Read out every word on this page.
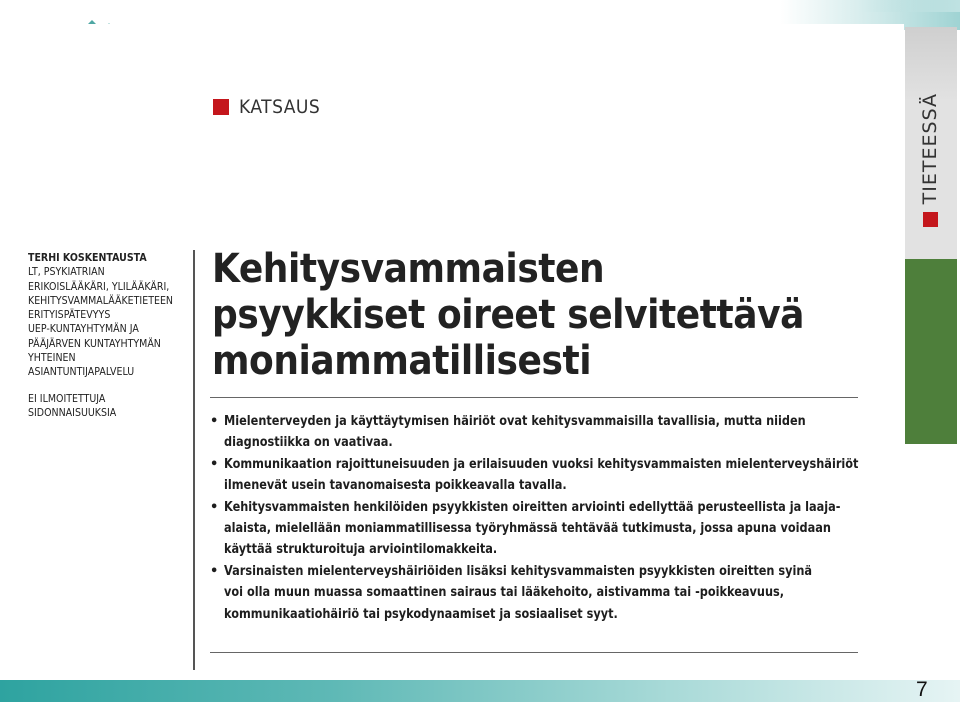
KATSAUS
TERHI KOSKENTAUSTA
LT, PSYKIATRIAN
ERIKOISLÄÄKÄRI, YLILÄÄKÄRI,
KEHITYSVAMMALÄÄKETIETEEN
ERITYISPÄTEVYYS
UEP-KUNTAYHTYMÄN JA
PÄÄJÄRVEN KUNTAYHTYMÄN
YHTEINEN
ASIANTUNTIJAPALVELU
EI ILMOITETTUJA
SIDONNAISUUKSIA
Kehitysvammaisten
psyykkiset oireet selvitettävä
moniammatillisesti
• Mielenterveyden ja käyttäytymisen häiriöt ovat kehitysvammaisilla tavallisia, mutta niiden
diagnostiikka on vaativaa.
• Kommunikaation rajoittuneisuuden ja erilaisuuden vuoksi kehitysvammaisten mielenterveyshäiriöt
ilmenevät usein tavanomaisesta poikkeavalla tavalla.
• Kehitysvammaisten henkilöiden psyykkisten oireitten arviointi edellyttää perusteellista ja laaja-
alaista, mielellään moniammatillisessa työryhmässä tehtävää tutkimusta, jossa apuna voidaan
käyttää strukturoituja arviointilomakkeita.
• Varsinaisten mielenterveyshäiriöiden lisäksi kehitysvammaisten psyykkisten oireitten syinä
voi olla muun muassa somaattinen sairaus tai lääkehoito, aistivamma tai -poikkeavuus,
kommunikaatiohäiriö tai psykodynaamiset ja sosiaaliset syyt.
TIETEESSÄ
7
